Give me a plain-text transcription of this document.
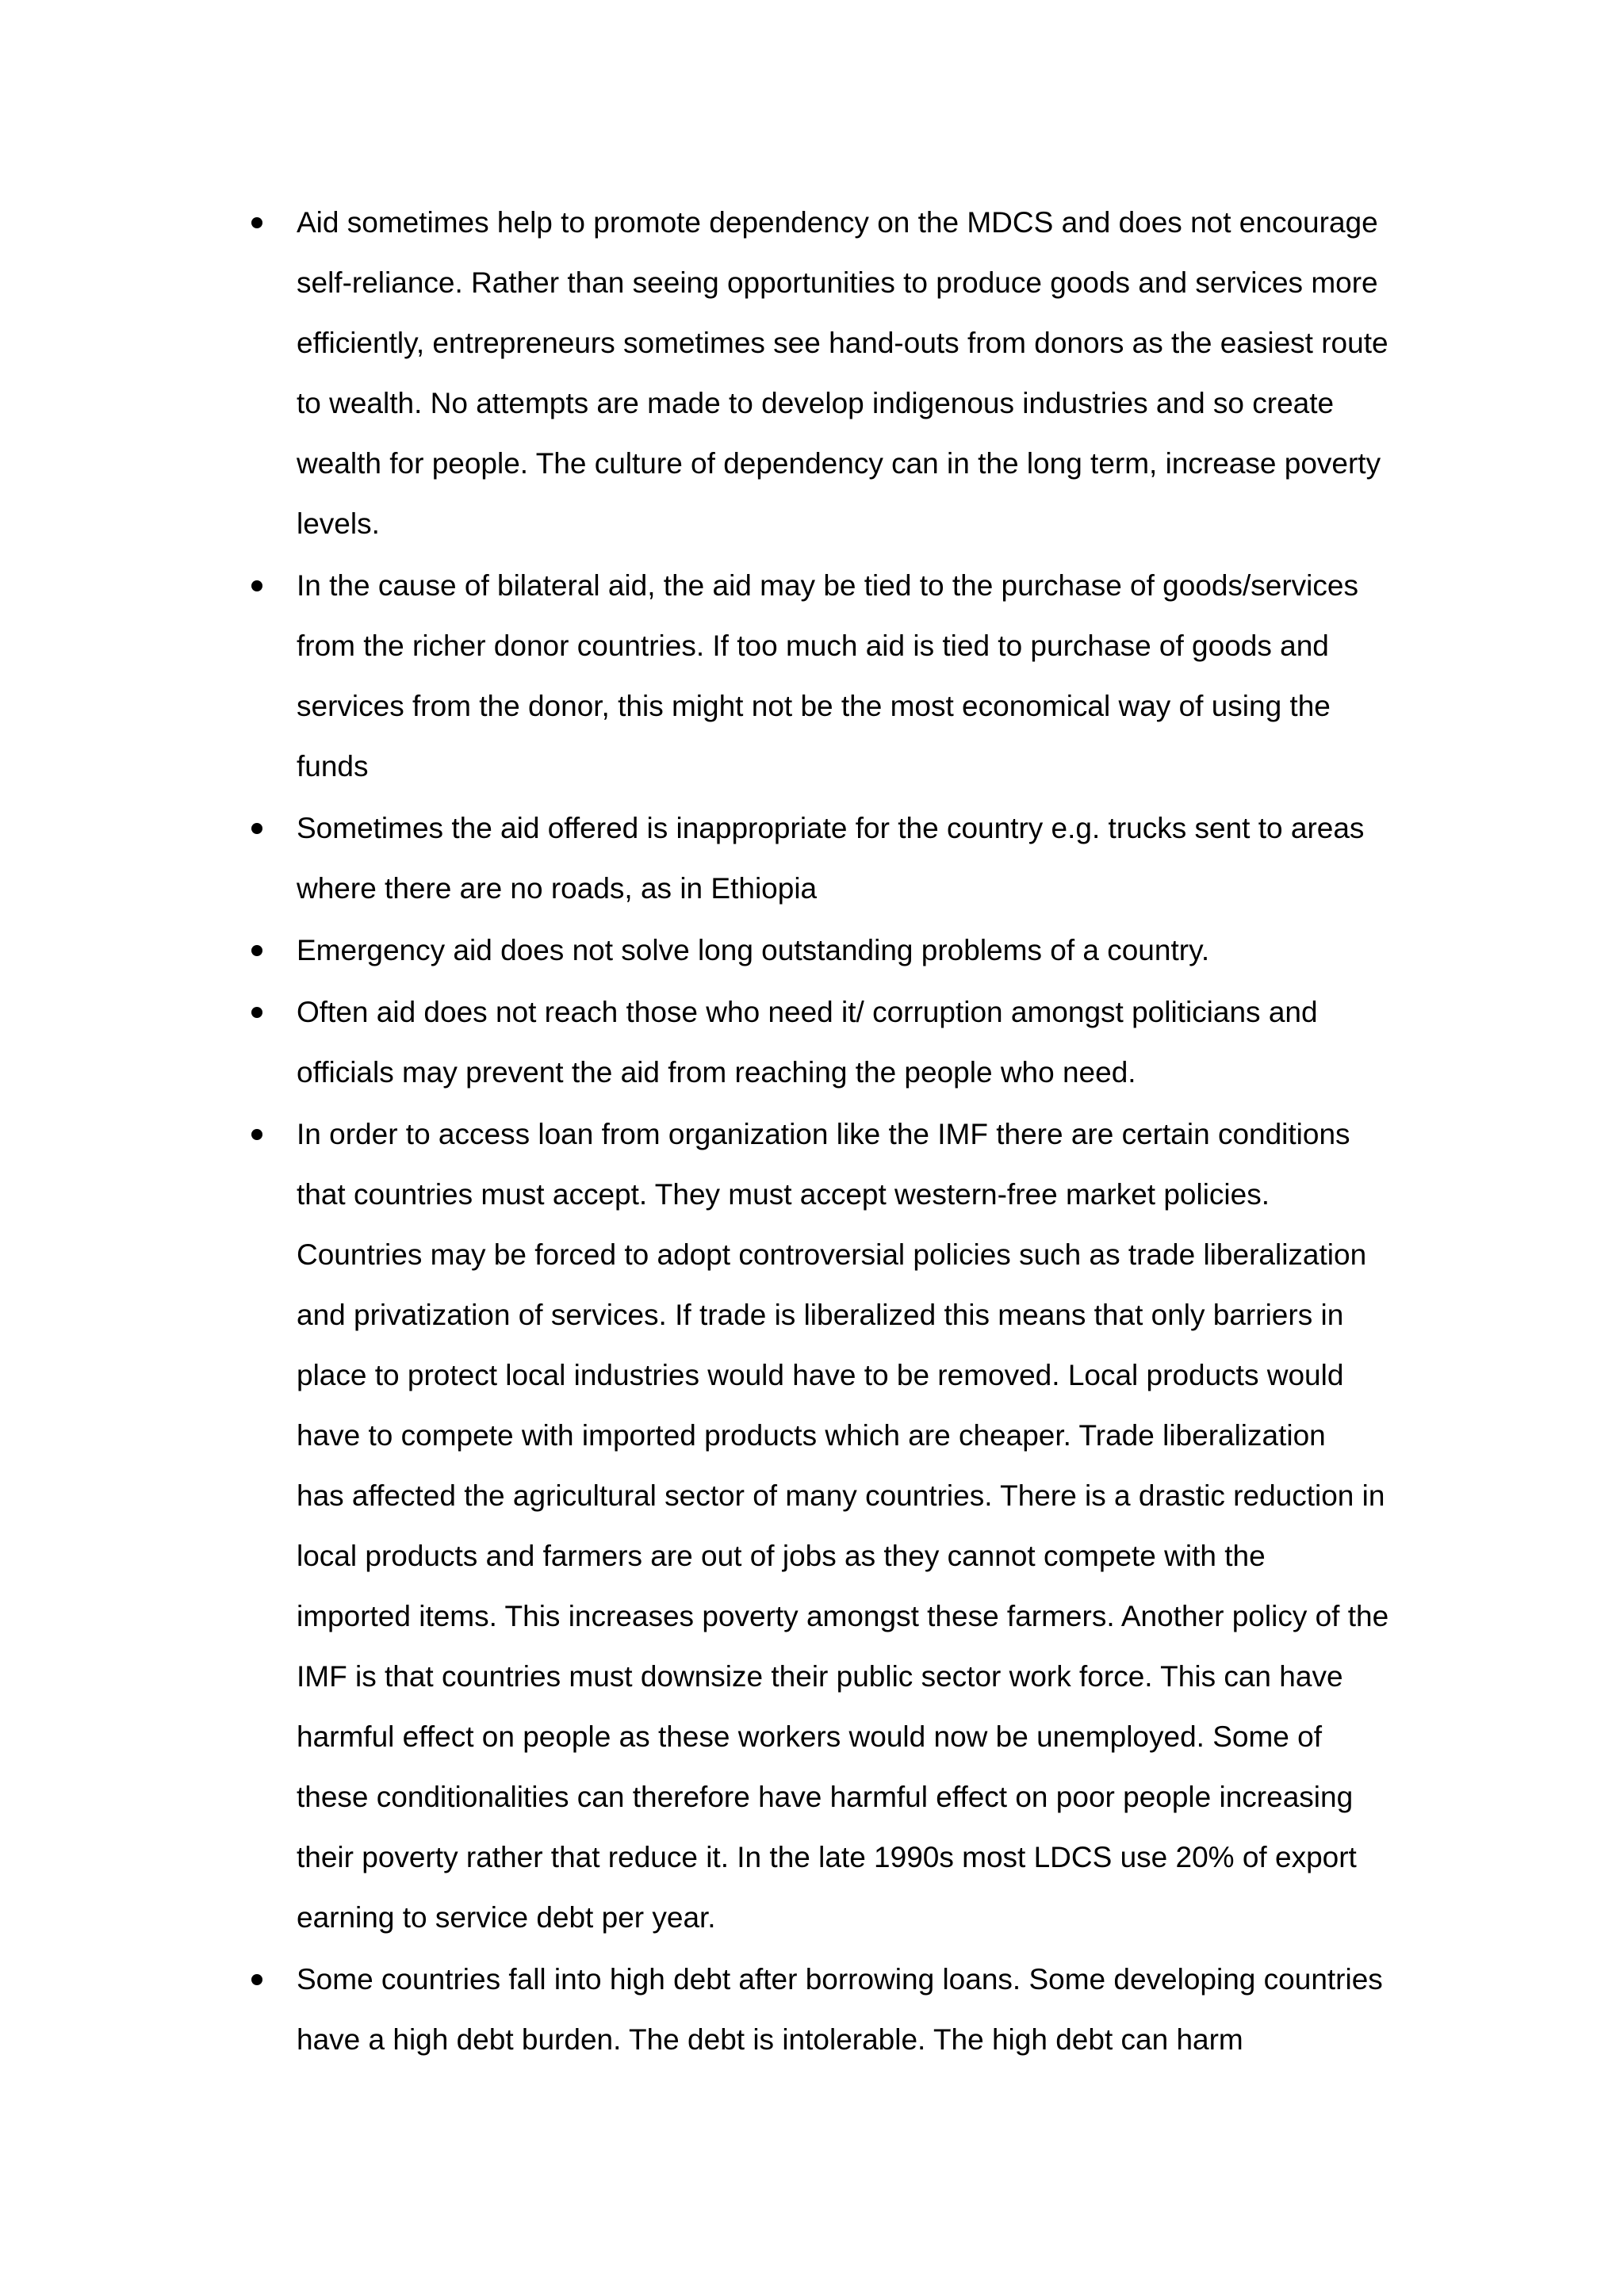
Aid sometimes help to promote dependency on the MDCS and does not encourage
self-reliance. Rather than seeing opportunities to produce goods and services more
efficiently, entrepreneurs sometimes see hand-outs from donors as the easiest route
to wealth. No attempts are made to develop indigenous industries and so create
wealth for people. The culture of dependency can in the long term, increase poverty
levels.
In the cause of bilateral aid, the aid may be tied to the purchase of goods/services
from the richer donor countries. If too much aid is tied to purchase of goods and
services from the donor, this might not be the most economical way of using the
funds
Sometimes the aid offered is inappropriate for the country e.g. trucks sent to areas
where there are no roads, as in Ethiopia
Emergency aid does not solve long outstanding problems of a country.
Often aid does not reach those who need it/ corruption amongst politicians and
officials may prevent the aid from reaching the people who need.
In order to access loan from organization like the IMF there are certain conditions
that countries must accept. They must accept western-free market policies.
Countries may be forced to adopt controversial policies such as trade liberalization
and privatization of services. If trade is liberalized this means that only barriers in
place to protect local industries would have to be removed. Local products would
have to compete with imported products which are cheaper. Trade liberalization
has affected the agricultural sector of many countries. There is a drastic reduction in
local products and farmers are out of jobs as they cannot compete with the
imported items. This increases poverty amongst these farmers. Another policy of the
IMF is that countries must downsize their public sector work force. This can have
harmful effect on people as these workers would now be unemployed. Some of
these conditionalities can therefore have harmful effect on poor people increasing
their poverty rather that reduce it. In the late 1990s most LDCS use 20% of export
earning to service debt per year.
Some countries fall into high debt after borrowing loans. Some developing countries
have a high debt burden. The debt is intolerable. The high debt can harm
